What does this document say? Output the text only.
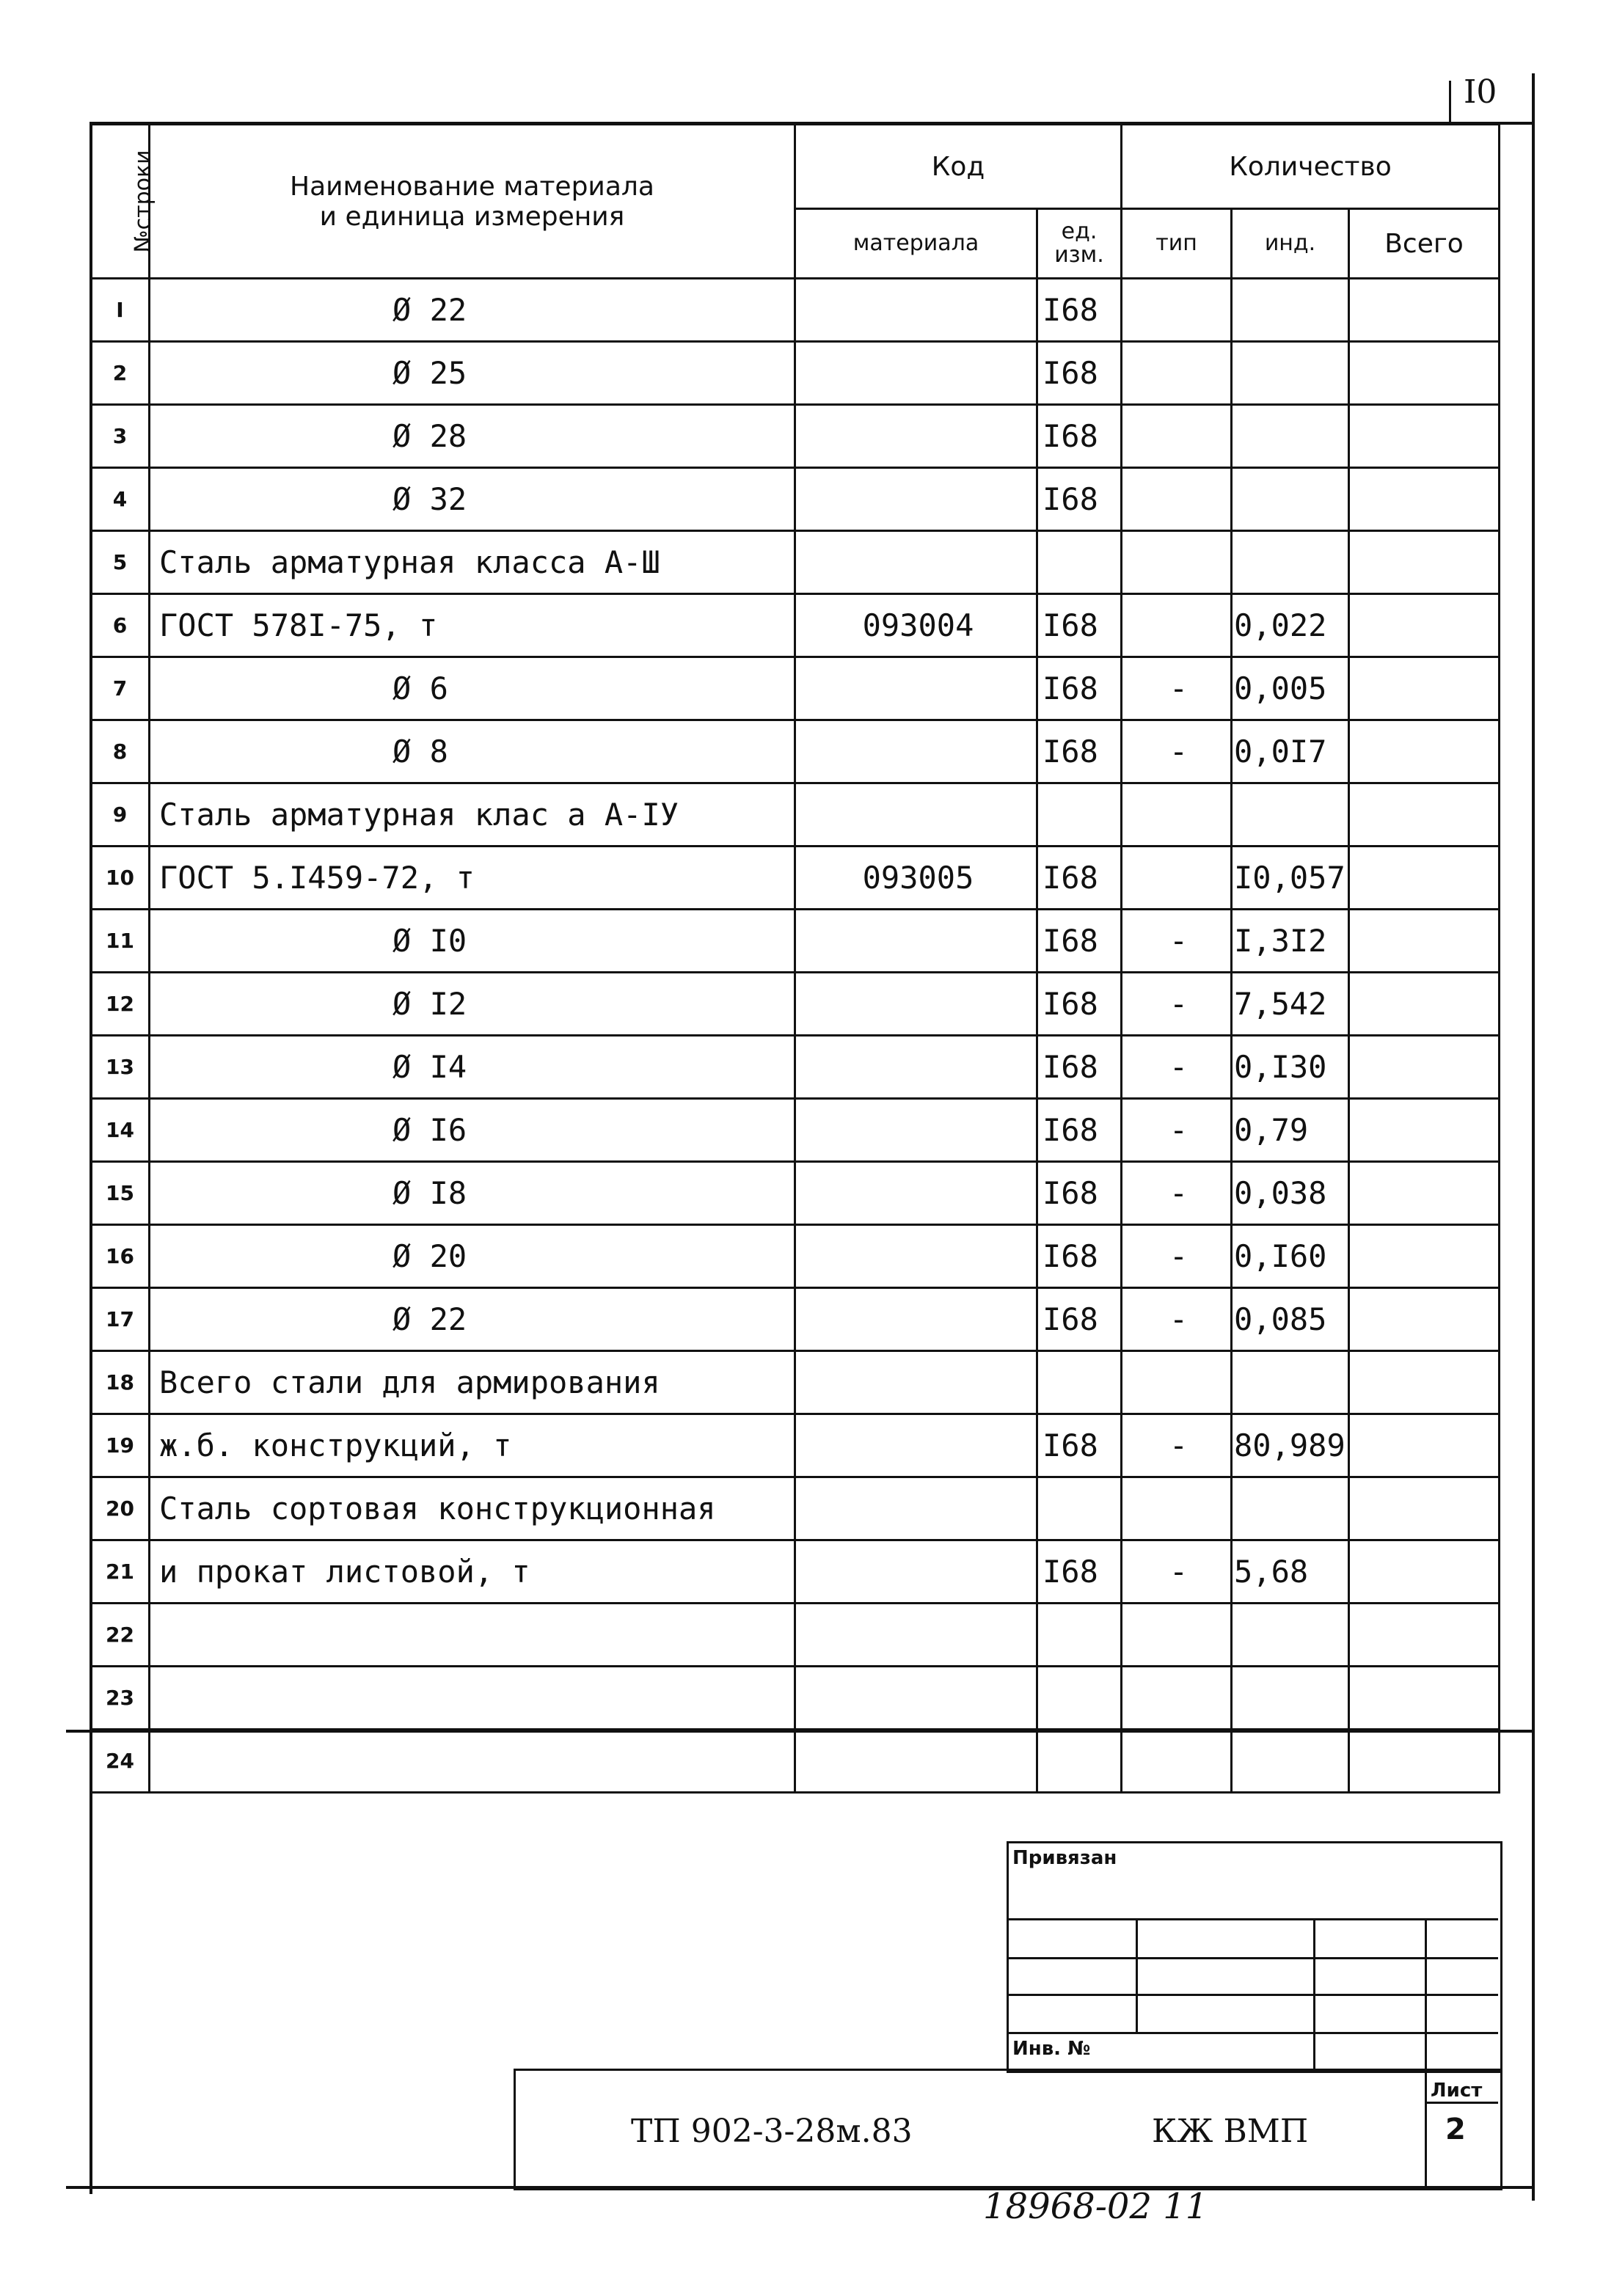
I0
№строки	Наименование материала
и единица измерения	Код		Количество		
		материала	ед. изм.	тип	инд.	Всего
I	Ø 22		I68			
2	Ø 25		I68			
3	Ø 28		I68			
4	Ø 32		I68			
5	Сталь арматурная класса А-Ш					
6	ГОСТ 578I-75, т	093004	I68		0,022	
7	Ø 6		I68	-	0,005	
8	Ø 8		I68	-	0,0I7	
9	Сталь арматурная клас а А-IУ					
10	ГОСТ 5.I459-72, т	093005	I68		I0,057	
11	Ø I0		I68	-	I,3I2	
12	Ø I2		I68	-	7,542	
13	Ø I4		I68	-	0,I30	
14	Ø I6		I68	-	0,79	
15	Ø I8		I68	-	0,038	
16	Ø 20		I68	-	0,I60	
17	Ø 22		I68	-	0,085	
18	Всего стали для армирования					
19	ж.б. конструкций, т		I68	-	80,989	
20	Сталь сортовая конструкционная					
21	и прокат листовой, т		I68	-	5,68	
22						
23						
24						
Привязан
Инв. №
ТП 902-3-28м.83	КЖ ВМП
Лист
2
18968-02 11
